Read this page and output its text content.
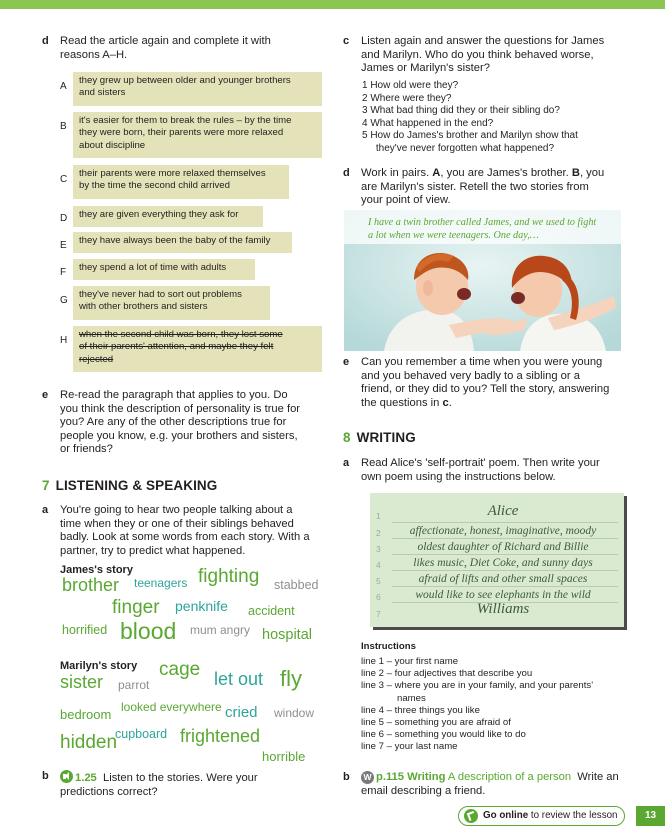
d Read the article again and complete it with
reasons A–H.
A
they grew up between older and younger brothers
and sisters
B
it's easier for them to break the rules – by the time
they were born, their parents were more relaxed
about discipline
C
their parents were more relaxed themselves
by the time the second child arrived
D they are given everything they ask for
E they have always been the baby of the family
F they spend a lot of time with adults
G
they've never had to sort out problems
with other brothers and sisters
H
when the second child was born, they lost some
of their parents' attention, and maybe they felt
rejected
e Re-read the paragraph that applies to you. Do
you think the description of personality is true for
you? Are any of the other descriptions true for
people you know, e.g. your brothers and sisters,
or friends?
7 LISTENING & SPEAKING
a You're going to hear two people talking about a
time when they or one of their siblings behaved
badly. Look at some words from each story. With a
partner, try to predict what happened.
James's story
brother teenagers fighting stabbed
finger penknife accident
horrified blood mum angry hospital
Marilyn's story
sister parrot
cage let out fly
bedroom looked everywhere cried window
hidden
cupboard frightened
horrible
b	1.25 Listen to the stories. Were your
predictions correct?
c Listen again and answer the questions for James
and Marilyn. Who do you think behaved worse,
James or Marilyn's sister?
1 How old were they?
2 Where were they?
3 What bad thing did they or their sibling do?
4 What happened in the end?
5 How do James's brother and Marilyn show that
they've never forgotten what happened?
d Work in pairs. A, you are James's brother. B, you
are Marilyn's sister. Retell the two stories from
your point of view.
I have a twin brother called James, and we used to fight
a lot when we were teenagers. One day,…
e Can you remember a time when you were young
and you behaved very badly to a sibling or a
friend, or they did to you? Tell the story, answering
the questions in c.
8 WRITING
a Read Alice's 'self-portrait' poem. Then write your
own poem using the instructions below.
1	Alice
2	affectionate, honest, imaginative, moody
3	oldest daughter of Richard and Billie
4	likes music, Diet Coke, and sunny days
5	afraid of lifts and other small spaces
6	would like to see elephants in the wild
7	Williams
Instructions
line 1 – your first name
line 2 – four adjectives that describe you
line 3 – where you are in your family, and your parents'
names
line 4 – three things you like
line 5 – something you are afraid of
line 6 – something you would like to do
line 7 – your last name
b W p.115 Writing A description of a person Write an
email describing a friend.
Go online to review the lesson	13
